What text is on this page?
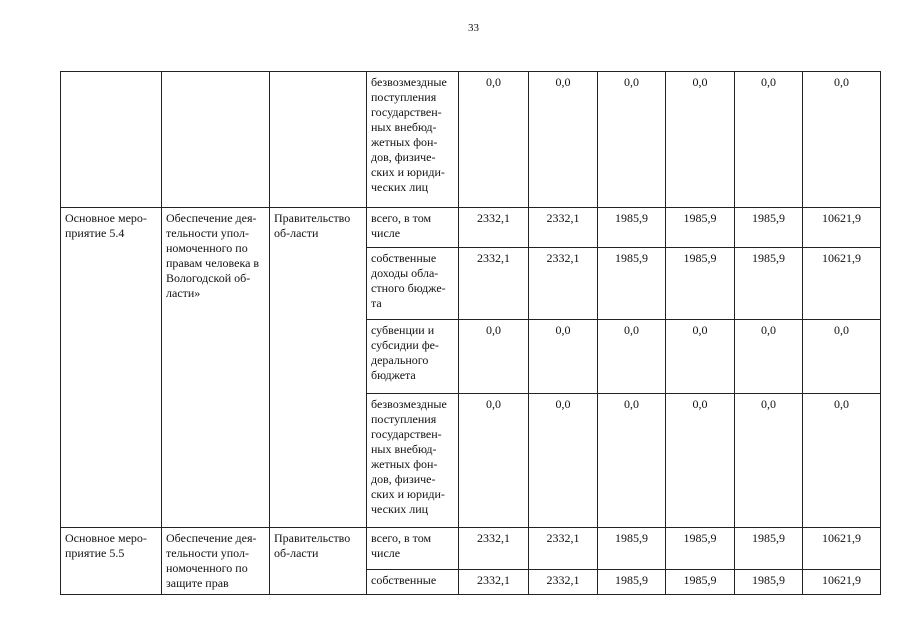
33
			безвозмездные поступления государствен-ных внебюд-жетных фон-дов, физиче-ских и юриди-ческих лиц	0,0	0,0	0,0	0,0	0,0	0,0
Основное меро-приятие 5.4	Обеспечение дея-тельности упол-номоченного по правам человека в Вологодской об-ласти»	Правительство об-ласти	всего, в том числе	2332,1	2332,1	1985,9	1985,9	1985,9	10621,9
			собственные доходы обла-стного бюдже-та	2332,1	2332,1	1985,9	1985,9	1985,9	10621,9
			субвенции и субсидии фе-дерального бюджета	0,0	0,0	0,0	0,0	0,0	0,0
			безвозмездные поступления государствен-ных внебюд-жетных фон-дов, физиче-ских и юриди-ческих лиц	0,0	0,0	0,0	0,0	0,0	0,0
Основное меро-приятие 5.5	Обеспечение дея-тельности упол-номоченного по защите прав	Правительство об-ласти	всего, в том числе	2332,1	2332,1	1985,9	1985,9	1985,9	10621,9
			собственные	2332,1	2332,1	1985,9	1985,9	1985,9	10621,9
